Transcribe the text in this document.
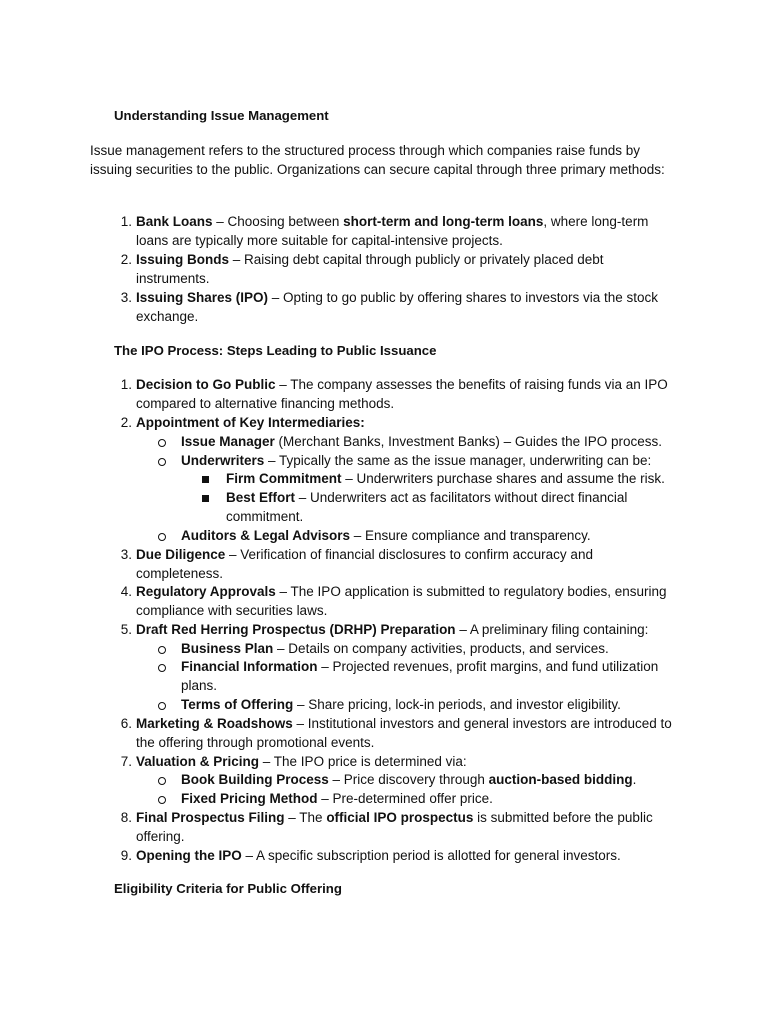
Understanding Issue Management
Issue management refers to the structured process through which companies raise funds by issuing securities to the public. Organizations can secure capital through three primary methods:
1. Bank Loans – Choosing between short-term and long-term loans, where long-term loans are typically more suitable for capital-intensive projects.
2. Issuing Bonds – Raising debt capital through publicly or privately placed debt instruments.
3. Issuing Shares (IPO) – Opting to go public by offering shares to investors via the stock exchange.
The IPO Process: Steps Leading to Public Issuance
1. Decision to Go Public – The company assesses the benefits of raising funds via an IPO compared to alternative financing methods.
2. Appointment of Key Intermediaries:
Issue Manager (Merchant Banks, Investment Banks) – Guides the IPO process.
Underwriters – Typically the same as the issue manager, underwriting can be:
Firm Commitment – Underwriters purchase shares and assume the risk.
Best Effort – Underwriters act as facilitators without direct financial commitment.
Auditors & Legal Advisors – Ensure compliance and transparency.
3. Due Diligence – Verification of financial disclosures to confirm accuracy and completeness.
4. Regulatory Approvals – The IPO application is submitted to regulatory bodies, ensuring compliance with securities laws.
5. Draft Red Herring Prospectus (DRHP) Preparation – A preliminary filing containing:
Business Plan – Details on company activities, products, and services.
Financial Information – Projected revenues, profit margins, and fund utilization plans.
Terms of Offering – Share pricing, lock-in periods, and investor eligibility.
6. Marketing & Roadshows – Institutional investors and general investors are introduced to the offering through promotional events.
7. Valuation & Pricing – The IPO price is determined via:
Book Building Process – Price discovery through auction-based bidding.
Fixed Pricing Method – Pre-determined offer price.
8. Final Prospectus Filing – The official IPO prospectus is submitted before the public offering.
9. Opening the IPO – A specific subscription period is allotted for general investors.
Eligibility Criteria for Public Offering
